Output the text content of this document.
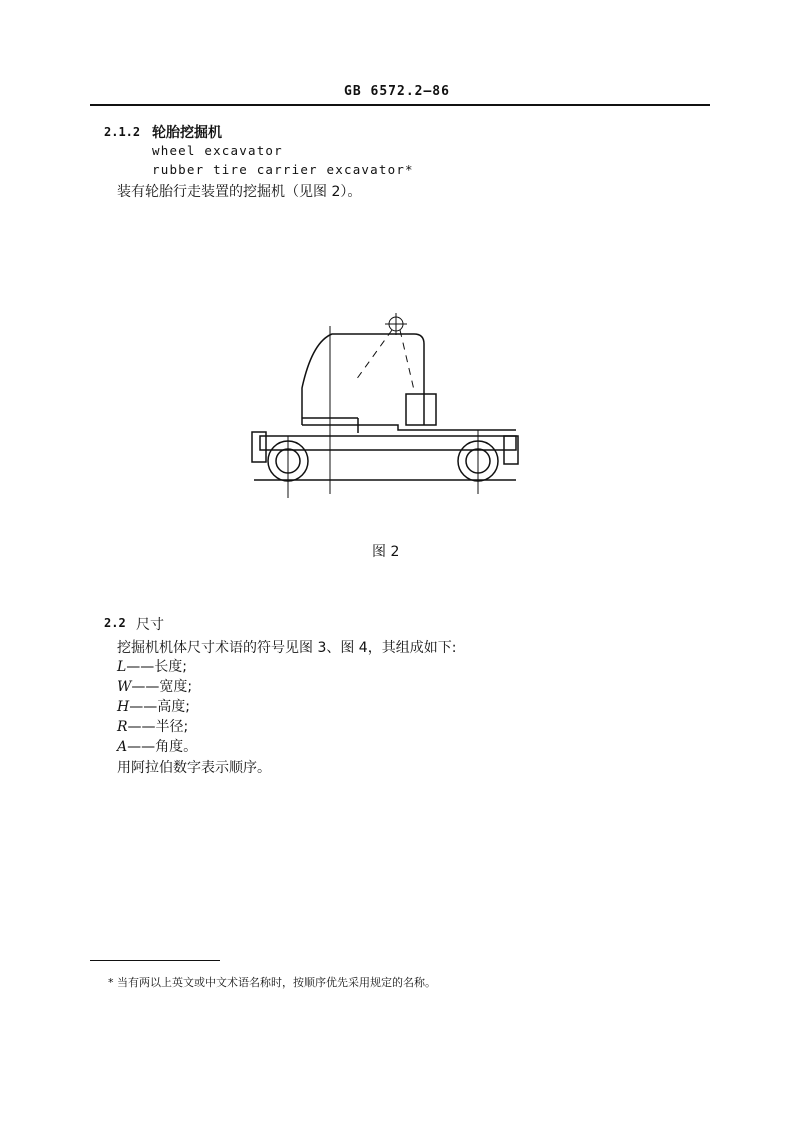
GB 6572.2—86
2.1.2 轮胎挖掘机
wheel excavator
rubber tire carrier excavator*
装有轮胎行走装置的挖掘机（见图 2）。
图 2
2.2 尺寸
挖掘机机体尺寸术语的符号见图 3、图 4，其组成如下:
L——长度;
W——宽度;
H——高度;
R——半径;
A——角度。
用阿拉伯数字表示顺序。
* 当有两以上英文或中文术语名称时，按顺序优先采用规定的名称。
